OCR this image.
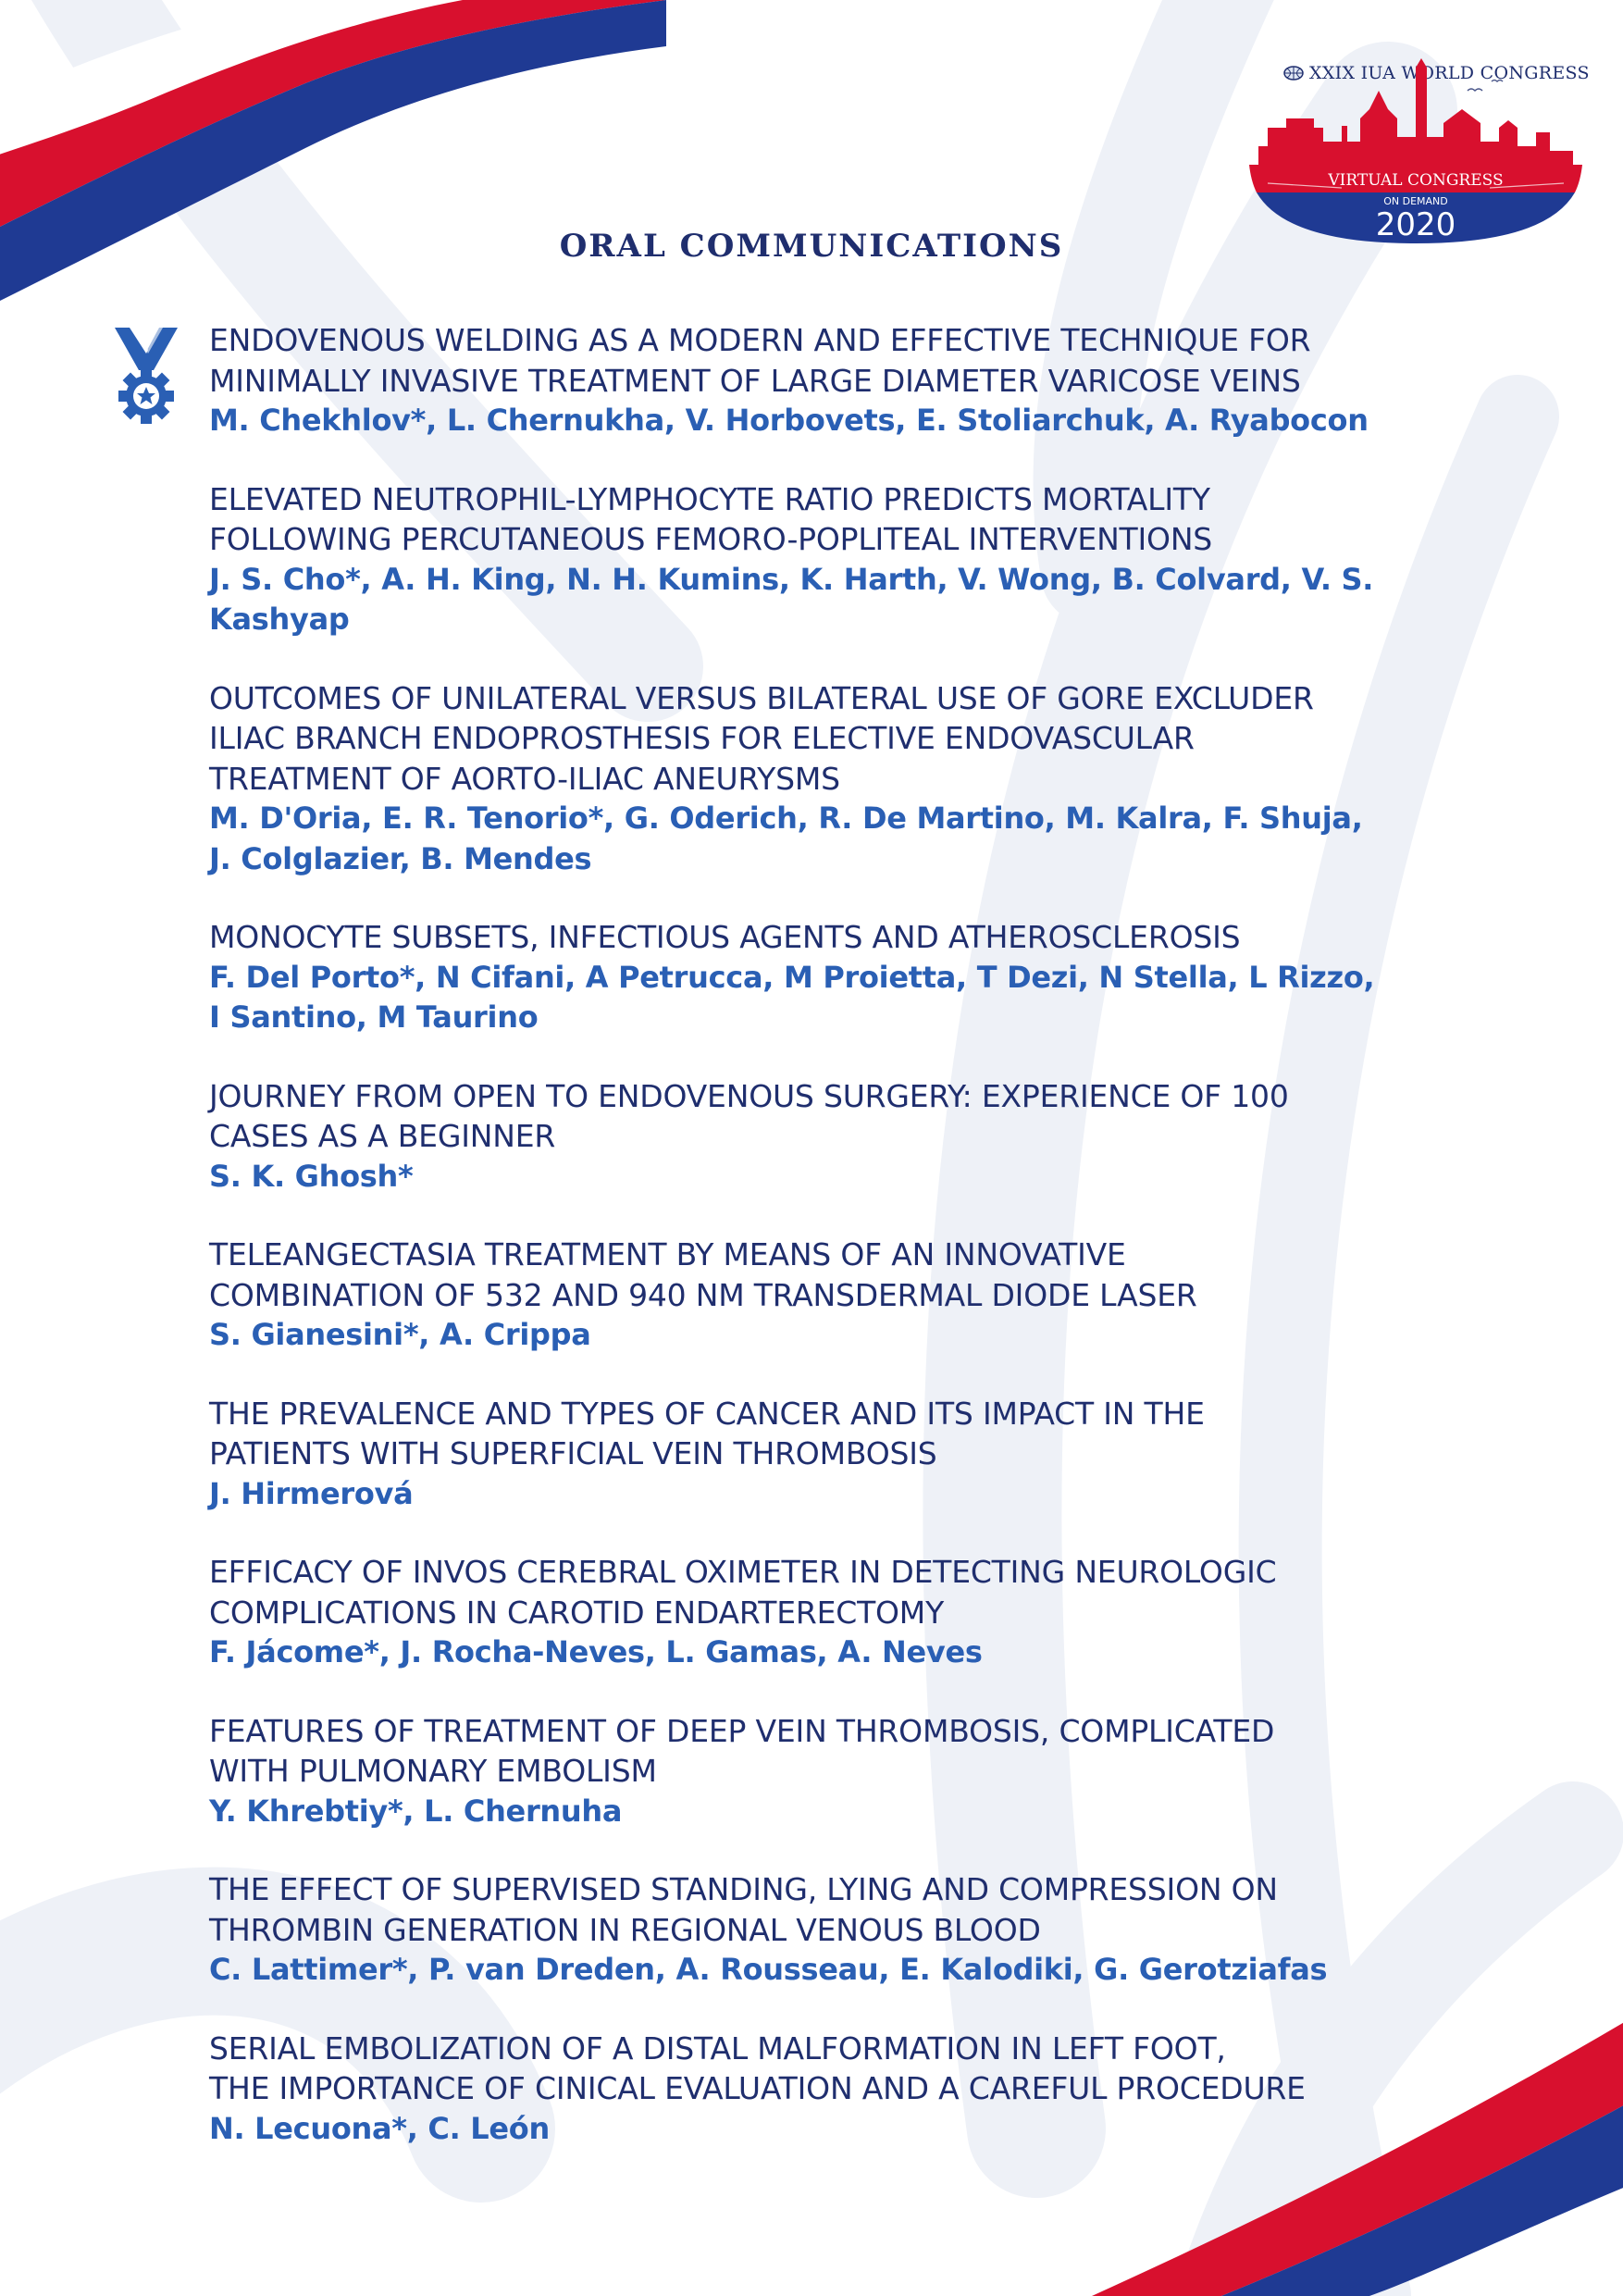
XXIX IUA WORLD CONGRESS
VIRTUAL CONGRESS
ON DEMAND
2020
ORAL COMMUNICATIONS
ENDOVENOUS WELDING AS A MODERN AND EFFECTIVE TECHNIQUE FOR
MINIMALLY INVASIVE TREATMENT OF LARGE DIAMETER VARICOSE VEINS
M. Chekhlov*, L. Chernukha, V. Horbovets, E. Stoliarchuk, A. Ryabocon
ELEVATED NEUTROPHIL-LYMPHOCYTE RATIO PREDICTS MORTALITY
FOLLOWING PERCUTANEOUS FEMORO-POPLITEAL INTERVENTIONS
J. S. Cho*, A. H. King, N. H. Kumins, K. Harth, V. Wong, B. Colvard, V. S. Kashyap
OUTCOMES OF UNILATERAL VERSUS BILATERAL USE OF GORE EXCLUDER
ILIAC BRANCH ENDOPROSTHESIS FOR ELECTIVE ENDOVASCULAR
TREATMENT OF AORTO-ILIAC ANEURYSMS
M. D'Oria, E. R. Tenorio*, G. Oderich, R. De Martino, M. Kalra, F. Shuja,
J. Colglazier, B. Mendes
MONOCYTE SUBSETS, INFECTIOUS AGENTS AND ATHEROSCLEROSIS
F. Del Porto*, N Cifani, A Petrucca, M Proietta, T Dezi, N Stella, L Rizzo,
I Santino, M Taurino
JOURNEY FROM OPEN TO ENDOVENOUS SURGERY: EXPERIENCE OF 100
CASES AS A BEGINNER
S. K. Ghosh*
TELEANGECTASIA TREATMENT BY MEANS OF AN INNOVATIVE
COMBINATION OF 532 AND 940 NM TRANSDERMAL DIODE LASER
S. Gianesini*, A. Crippa
THE PREVALENCE AND TYPES OF CANCER AND ITS IMPACT IN THE
PATIENTS WITH SUPERFICIAL VEIN THROMBOSIS
J. Hirmerová
EFFICACY OF INVOS CEREBRAL OXIMETER IN DETECTING NEUROLOGIC
COMPLICATIONS IN CAROTID ENDARTERECTOMY
F. Jácome*, J. Rocha-Neves, L. Gamas, A. Neves
FEATURES OF TREATMENT OF DEEP VEIN THROMBOSIS, COMPLICATED
WITH PULMONARY EMBOLISM
Y. Khrebtiy*, L. Chernuha
THE EFFECT OF SUPERVISED STANDING, LYING AND COMPRESSION ON
THROMBIN GENERATION IN REGIONAL VENOUS BLOOD
C. Lattimer*, P. van Dreden, A. Rousseau, E. Kalodiki, G. Gerotziafas
SERIAL EMBOLIZATION OF A DISTAL MALFORMATION IN LEFT FOOT,
THE IMPORTANCE OF CINICAL EVALUATION AND A CAREFUL PROCEDURE
N. Lecuona*, C. León
